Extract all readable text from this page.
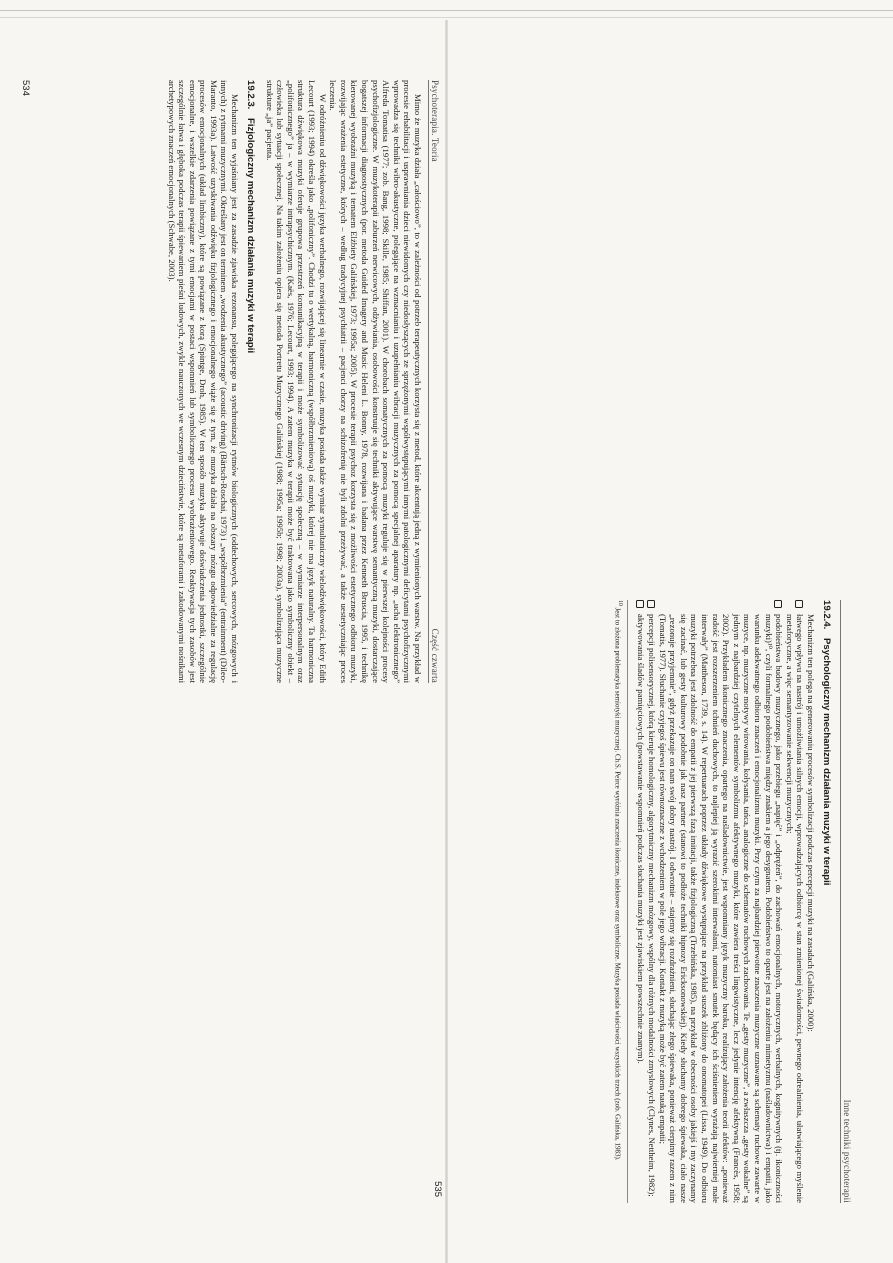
Psychoterapia. Teoria
Część czwarta

Mimo że muzyka działa „całościowo”, to w zależności od potrzeb terapeutycznych korzysta się z metod, które akcentują jedną z wymienionych warstw. Na przykład w procesie rehabilitacji i usprawniania dzieci niewidomych czy niedosłyszących ze sprzężonymi współwystępującymi innymi patologicznymi deficytami psychofizycznymi wprowadza się techniki wibro-akustyczne, polegające na wzmacnianiu i uzupełnianiu wibracji muzycznych za pomocą specjalnej aparatury np. „ucha elektronicznego” Alfreda Tomatisa (1977; zob. Bang, 1998; Skille, 1985; Shiffan, 2001). W chorobach somatycznych za pomocą muzyki reguluje się w pierwszej kolejności procesy psychofizjologiczne. W muzykoterapii zaburzeń nerwicowych, odżywiania, osobowości konstruuje się techniki aktywujące warstwę semantyczną muzyki, dostarczające bogatszej informacji diagnostycznych (por. metoda Guided Imagery and Music Heleni L. Bonny, 1978, rozwijana i badana przez Kenneth Bruscia, 1995, i technikę kierowanej wyobraźni muzyką i tematem Elżbiety Galińskiej, 1973; 1995a; 2005). W procesie terapii psychoz korzysta się z możliwości estetycznego odbioru muzyki, rozwijając wrażenia estetyczne, których – według tradycyjnej psychiatrii – pacjenci chorzy na schizofrenię nie byli zdolni przeżywać, a także uestetyczniając proces leczenia.

W odróżnieniu od dźwiękowości języka werbalnego, rozwijającej się linearnie w czasie, muzyka posiada także wymiar symultaniczny wielodźwiękowości, który Edith Lecourt (1993; 1994) określa jako „polifoniczny”. Chodzi tu o wertykalną, harmoniczną (współbrzmieniową) oś muzyki, której nie ma język naturalny. Ta harmoniczna struktura dźwiękowa muzyki oferuje grupowa przestrzeń komunikacyjną w terapii i może symbolizować sytuację społeczną – w wymiarze interpersonalnym oraz „polifonicznego” ja – w wymiarze intrapsychicznym. (Kaës, 1976; Lecourt, 1993; 1994). A zatem muzyka w terapii może być traktowana jako symboliczny obiekt – człowieka lub sytuacji społecznej. Na takim założeniu opiera się metoda Portretu Muzycznego Galińskiej (1988; 1995a; 1995b; 1998; 2003a), symbolizująca muzyczne strukture „ja” pacjenta.

19.2.3. Fizjologiczny mechanizm działania muzyki w terapii

Mechanizm ten wyjaśniany jest za zasadzie zjawiska rezonansu, polegającego na synchronizacji rytmów biologicznych (oddechowych, sercowych, mózgowych i innych) z rytmami muzycznymi. Określany jest on terminem „wodzenia akustycznego” (acoustic driving) (Bärtsch-Roschai, 1973) i „współbrzmienia” (entrainment) (Dileo-Maranto, 1993a). Latwość uzyskiwania odźwięku fizjologicznego i emocjonalnego wiąże się z tym, że muzyka działa na obszary mózgu odpowiedzialne za regulację procesów emocjonalnych (układ limbiczny), które są powiązane z korą (Spintge, Droh, 1985). W ten sposób muzyka aktywuje doświadczenia jednostki, szczególnie emocjonalne, i wszelkie zdarzenia powiązane z tymi emocjami w postaci wspomnień lub symbolicznego procesu wyobrażeniowego. Reaktywacja tych zasobów jest szczególnie łatwa i głęboka podczas terapii śpiewaniem pieśni ludowych, zwykle nauczonych we wczesnym dzieciństwie, które są metaforami i zakodowanymi nośnikami archetypowych znaczeń emocjonalnych (Schwabe, 2003).

534
Inne techniki psychoterapii
19.2.4. Psychologiczny mechanizm działania muzyki w terapii

Mechanizm ten polega na generowaniu procesów symbolizacji podczas percepcji muzyki na zasadach (Galińska, 2000):

łatwego wpływu na nastrój i umożliwiania silnych emocji, wprowadzających odbiorcę w stan zmienionej świadomości, pewnego odrealnienia, ułatwiającego myślenie metaforyczne, a więc semantyzowanie sekwencji muzycznych;

podobieństwa budowy muzycznego, jako przebiegu „napięć” i „odprężeń”, do zachowań emocjonalnych, motorycznych, werbalnych, kognitywnych (tj. ikoniczności muzyki)¹⁰, czyli formalnego podobieństwa między znakiem a jego desygnatem. Podobieństwo to oparte jest na założeniu mimetyzmu (naśladownictwa) i empatii, jako warunku adekwatnego odbioru znaczeń i emocjonalizmu muzyki. Przy czym za najbardziej pierwotne znaczenia muzyczne uznawane są schematy ruchowe zawarte w muzyce, np. muzyczne motywy wirowania, kołysania, tańca, analogiczne do schematów ruchowych zachowania. Te „gesty muzyczne”, a zwłaszcza „gesty wokalne” są jednym z najbardziej czytelnych elementów symbolizmu afektywnego muzyki, które zawiera treści lingwistyczne, lecz jedynie intencję afektywną (Francès, 1958; 2002). Przykładem ikonicznego znaczenia, opartego na naśladownictwie, jest wspomniany język muzyczny baroku, realizujący założenia teorii afektów: „ponieważ radość jest rozszerzeniem tchnień duchowych, to najlepiej ją wyrazić szerokimi interwałami, natomiast smutek będący ich ściśnieniem wyrażają najwierniej małe interwały” (Mattheson, 1739, s. 14). W repertuarach poprzez układy dźwiękowe występujące na przykład suszek zbliżony do onomatopei (Lissa, 1949). Do odbioru muzyki potrzebna jest zdolność do empatii z jej pierwszą fazą imitacji, także fizjologiczną (Trzebińska, 1985), na przykład w obecności osoby jakiejś i my zaczynamy się zacinać, lub gesty kulturowy podobnie jak nasz partner (stanowi to podłoże techniki hipnozy Ericksonowskiej). Kiedy słuchamy dobrego śpiewaka, ciało nasze „rezonuje przyjemnie”, gdyż przekazuje on nam swój dobry nastrój. I odwrotnie – stajemy się rozdrażnieni, słuchając złego śpiewaka, ponieważ cierpimy razem z nim (Tomatis, 1977). Słuchanie czyjegoś śpiewu jest równoznaczne z wchodzeniem w pole jego wibracji. Kontakt z muzyką może być zatem nauką empatii;

percepcji polisensorycznej, którą kieruje homologiczny, algorytmiczny mechanizm mózgowy, wspólny dla różnych modalności zmysłowych (Clynes, Nettheim, 1982);

aktywowania śladów pamięciowych (powstawanie wspomnień podczas słuchania muzyki jest zjawiskiem powszechnie znanym).

$^{10}$ Jest to złożona problematyka semiotyki muzycznej. Ch.S. Peirce wyróżnia znaczenia ikoniczne, indeksowe oraz symboliczne. Muzyka posiada właściwości wszystkich trzech (zob. Galińska, 1983).
535
